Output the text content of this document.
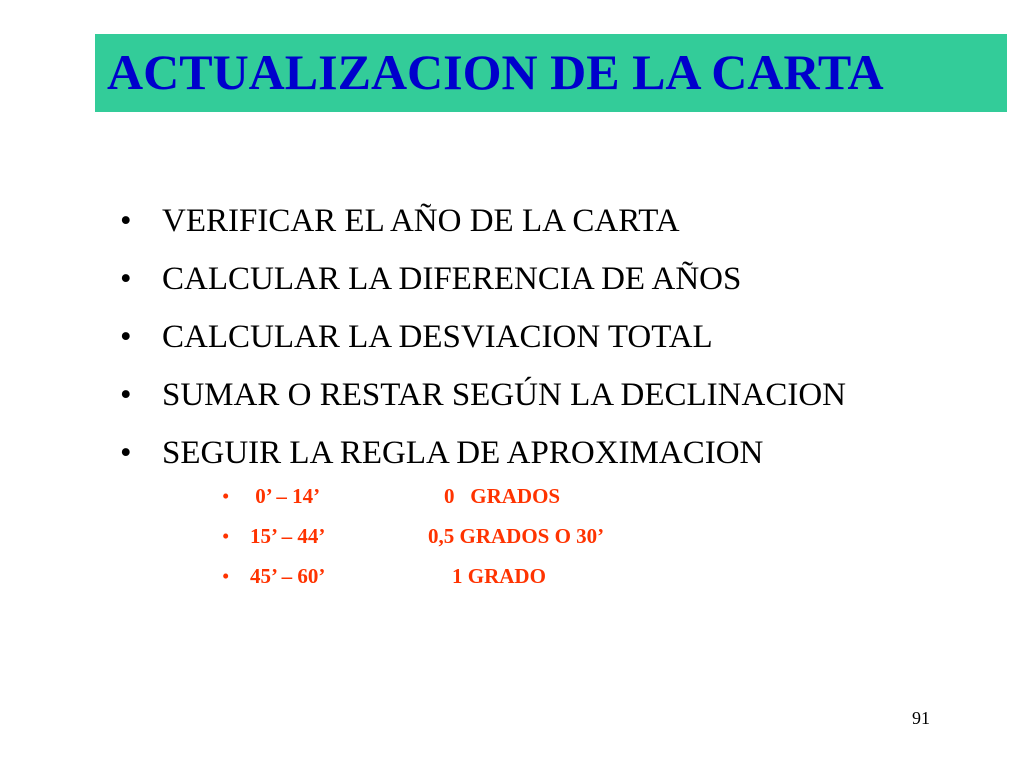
ACTUALIZACION DE LA CARTA
• VERIFICAR EL AÑO DE LA CARTA
• CALCULAR LA DIFERENCIA DE AÑOS
• CALCULAR LA DESVIACION TOTAL
• SUMAR O RESTAR SEGÚN LA DECLINACION
• SEGUIR LA REGLA DE APROXIMACION
• 0’ – 14’	0   GRADOS
• 15’ – 44’	0,5 GRADOS O 30’
• 45’ – 60’	1 GRADO
91
